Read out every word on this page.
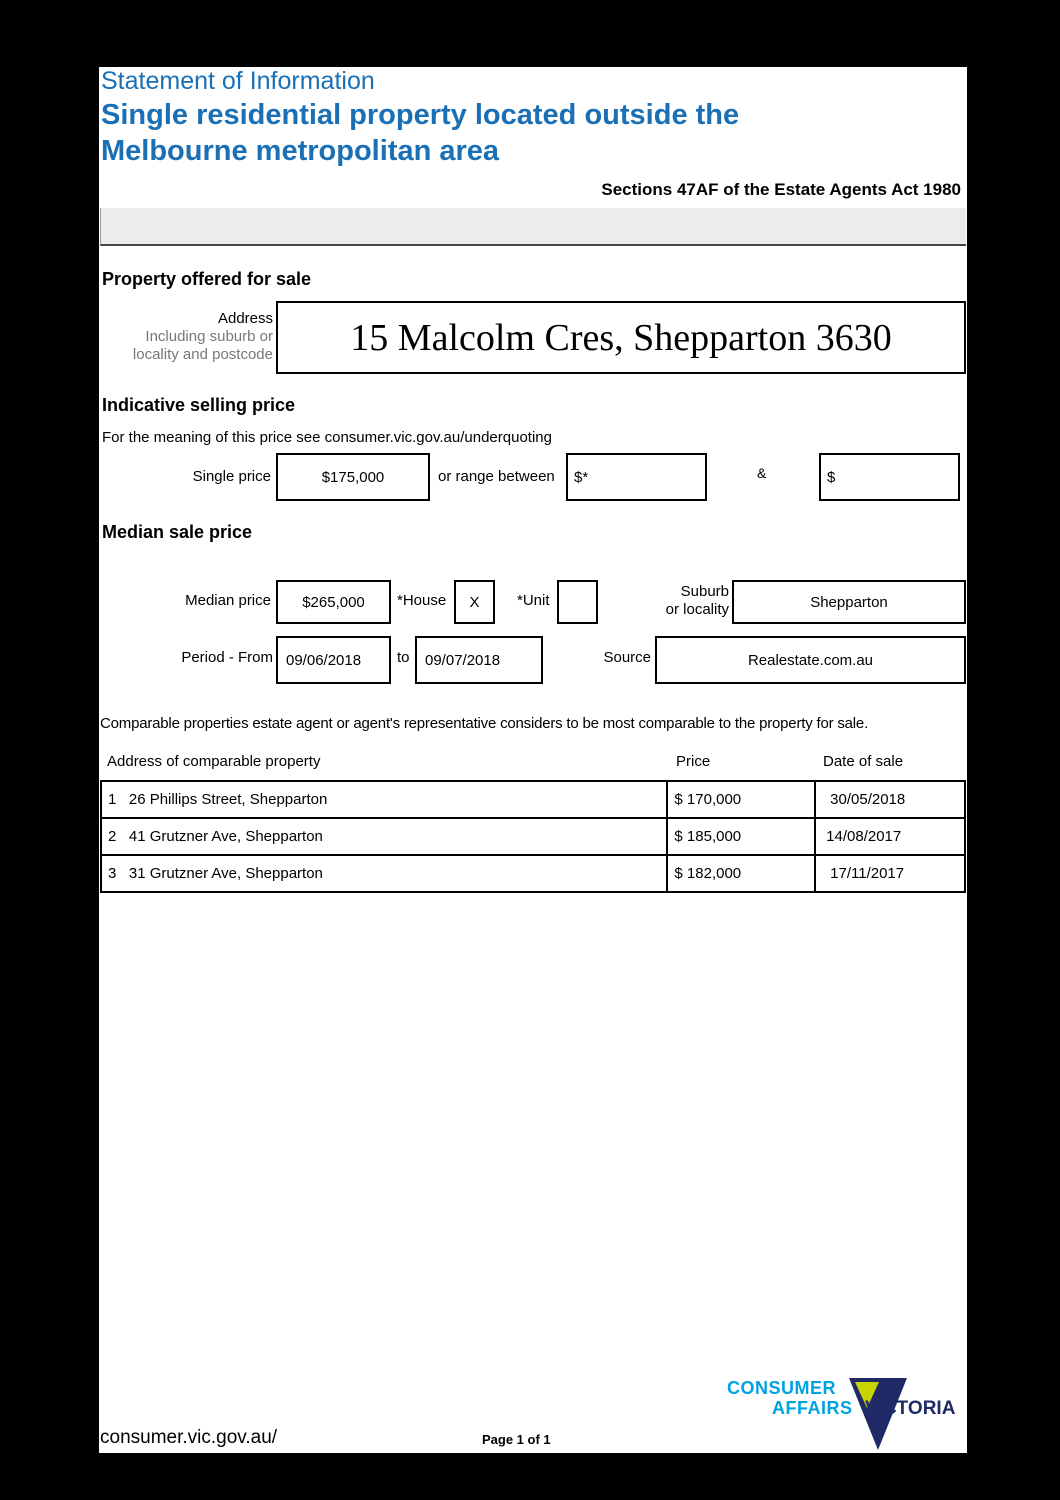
Statement of Information
Single residential property located outside the
Melbourne metropolitan area
Sections 47AF of the Estate Agents Act 1980
Property offered for sale
Address
Including suburb or
locality and postcode 15 Malcolm Cres, Shepparton 3630
Indicative selling price
For the meaning of this price see consumer.vic.gov.au/underquoting
Single price	$175,000	or range between $*	&	$
Median sale price
Median price $265,000 *House X	*Unit
Suburb
or locality	Shepparton
Period - From 09/06/2018 to 09/07/2018	Source	Realestate.com.au
Comparable properties estate agent or agent's representative considers to be most comparable to the property for sale.
Address of comparable property	Price	Date of sale
1 26 Phillips Street, Shepparton	$ 170,000	30/05/2018
2 41 Grutzner Ave, Shepparton	$ 185,000	14/08/2017
3 31 Grutzner Ave, Shepparton	$ 182,000	17/11/2017
consumer.vic.gov.au/	Page 1 of 1
CONSUMER
AFFAIRS VICTORIA
